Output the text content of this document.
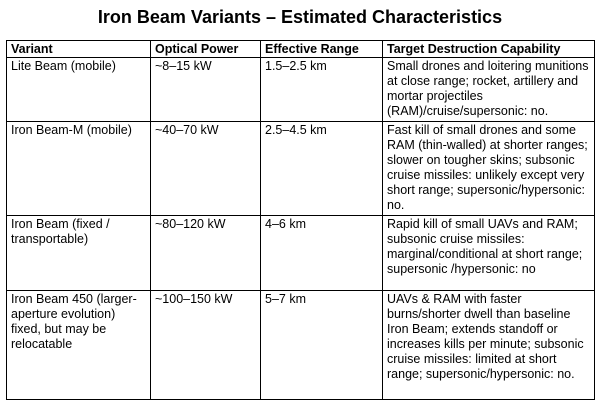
Iron Beam Variants – Estimated Characteristics
Variant	Optical Power	Effective Range	Target Destruction Capability
Lite Beam (mobile)	~8–15 kW	1.5–2.5 km	Small drones and loitering munitions at close range; rocket, artillery and mortar projectiles (RAM)/cruise/supersonic: no.
Iron Beam-M (mobile)	~40–70 kW	2.5–4.5 km	Fast kill of small drones and some RAM (thin-walled) at shorter ranges; slower on tougher skins; subsonic cruise missiles: unlikely except very short range; supersonic/hypersonic: no.
Iron Beam (fixed / transportable)	~80–120 kW	4–6 km	Rapid kill of small UAVs and RAM; subsonic cruise missiles: marginal/conditional at short range; supersonic /hypersonic: no
Iron Beam 450 (larger-aperture evolution) fixed, but may be relocatable	~100–150 kW	5–7 km	UAVs & RAM with faster burns/shorter dwell than baseline Iron Beam; extends standoff or increases kills per minute; subsonic cruise missiles: limited at short range; supersonic/hypersonic: no.
